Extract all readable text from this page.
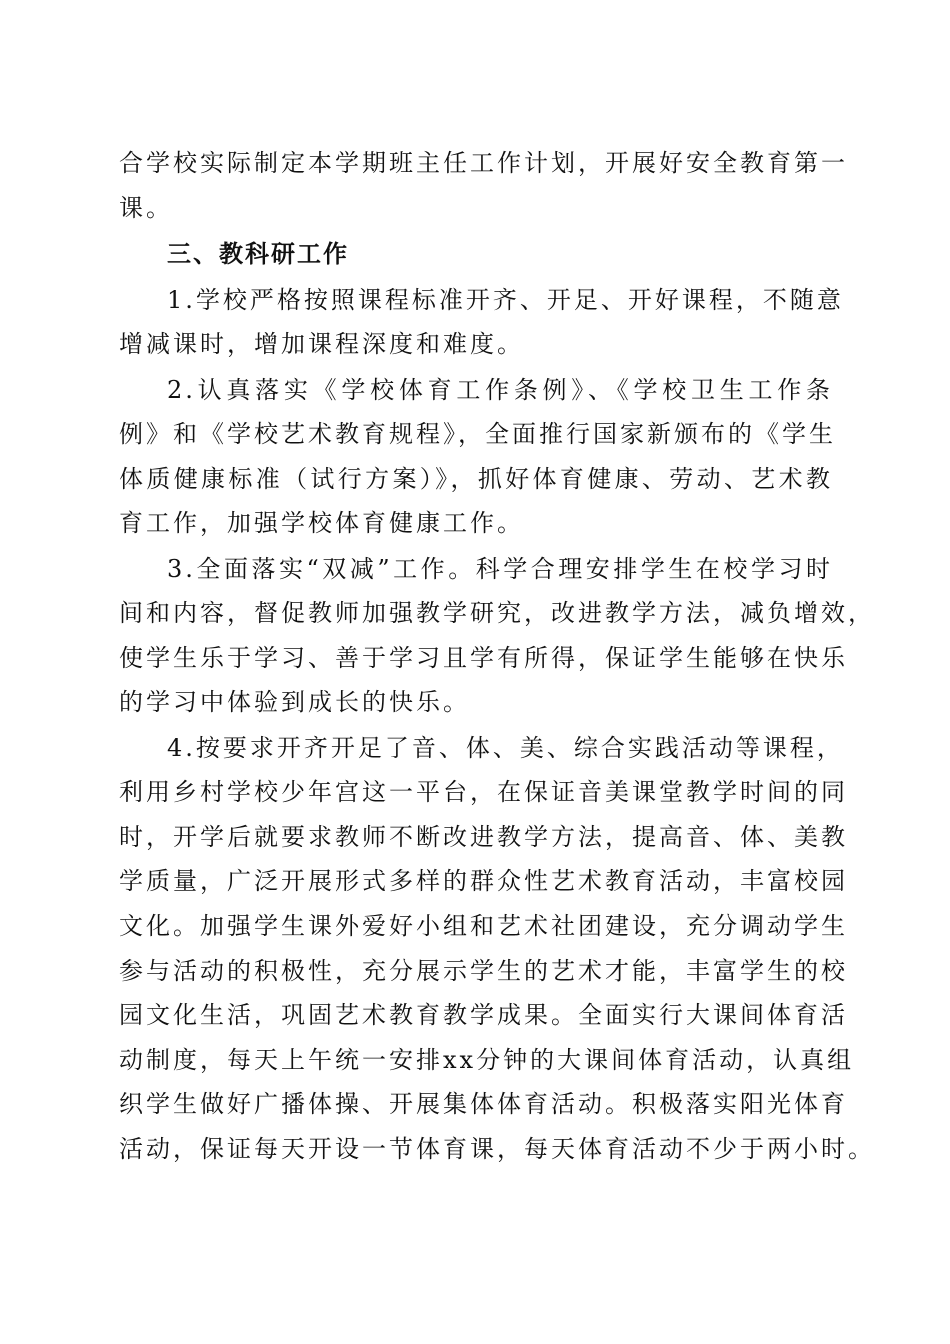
合学校实际制定本学期班主任工作计划，开展好安全教育第一
课。
三、教科研工作
1.学校严格按照课程标准开齐、开足、开好课程，不随意
增减课时，增加课程深度和难度。
2.认真落实《学校体育工作条例》、《学校卫生工作条
例》和《学校艺术教育规程》，全面推行国家新颁布的《学生
体质健康标准（试行方案）》，抓好体育健康、劳动、艺术教
育工作，加强学校体育健康工作。
3.全面落实“双减”工作。科学合理安排学生在校学习时
间和内容，督促教师加强教学研究，改进教学方法，减负增效，
使学生乐于学习、善于学习且学有所得，保证学生能够在快乐
的学习中体验到成长的快乐。
4.按要求开齐开足了音、体、美、综合实践活动等课程，
利用乡村学校少年宫这一平台，在保证音美课堂教学时间的同
时，开学后就要求教师不断改进教学方法，提高音、体、美教
学质量，广泛开展形式多样的群众性艺术教育活动，丰富校园
文化。加强学生课外爱好小组和艺术社团建设，充分调动学生
参与活动的积极性，充分展示学生的艺术才能，丰富学生的校
园文化生活，巩固艺术教育教学成果。全面实行大课间体育活
动制度，每天上午统一安排xx分钟的大课间体育活动，认真组
织学生做好广播体操、开展集体体育活动。积极落实阳光体育
活动，保证每天开设一节体育课，每天体育活动不少于两小时。
